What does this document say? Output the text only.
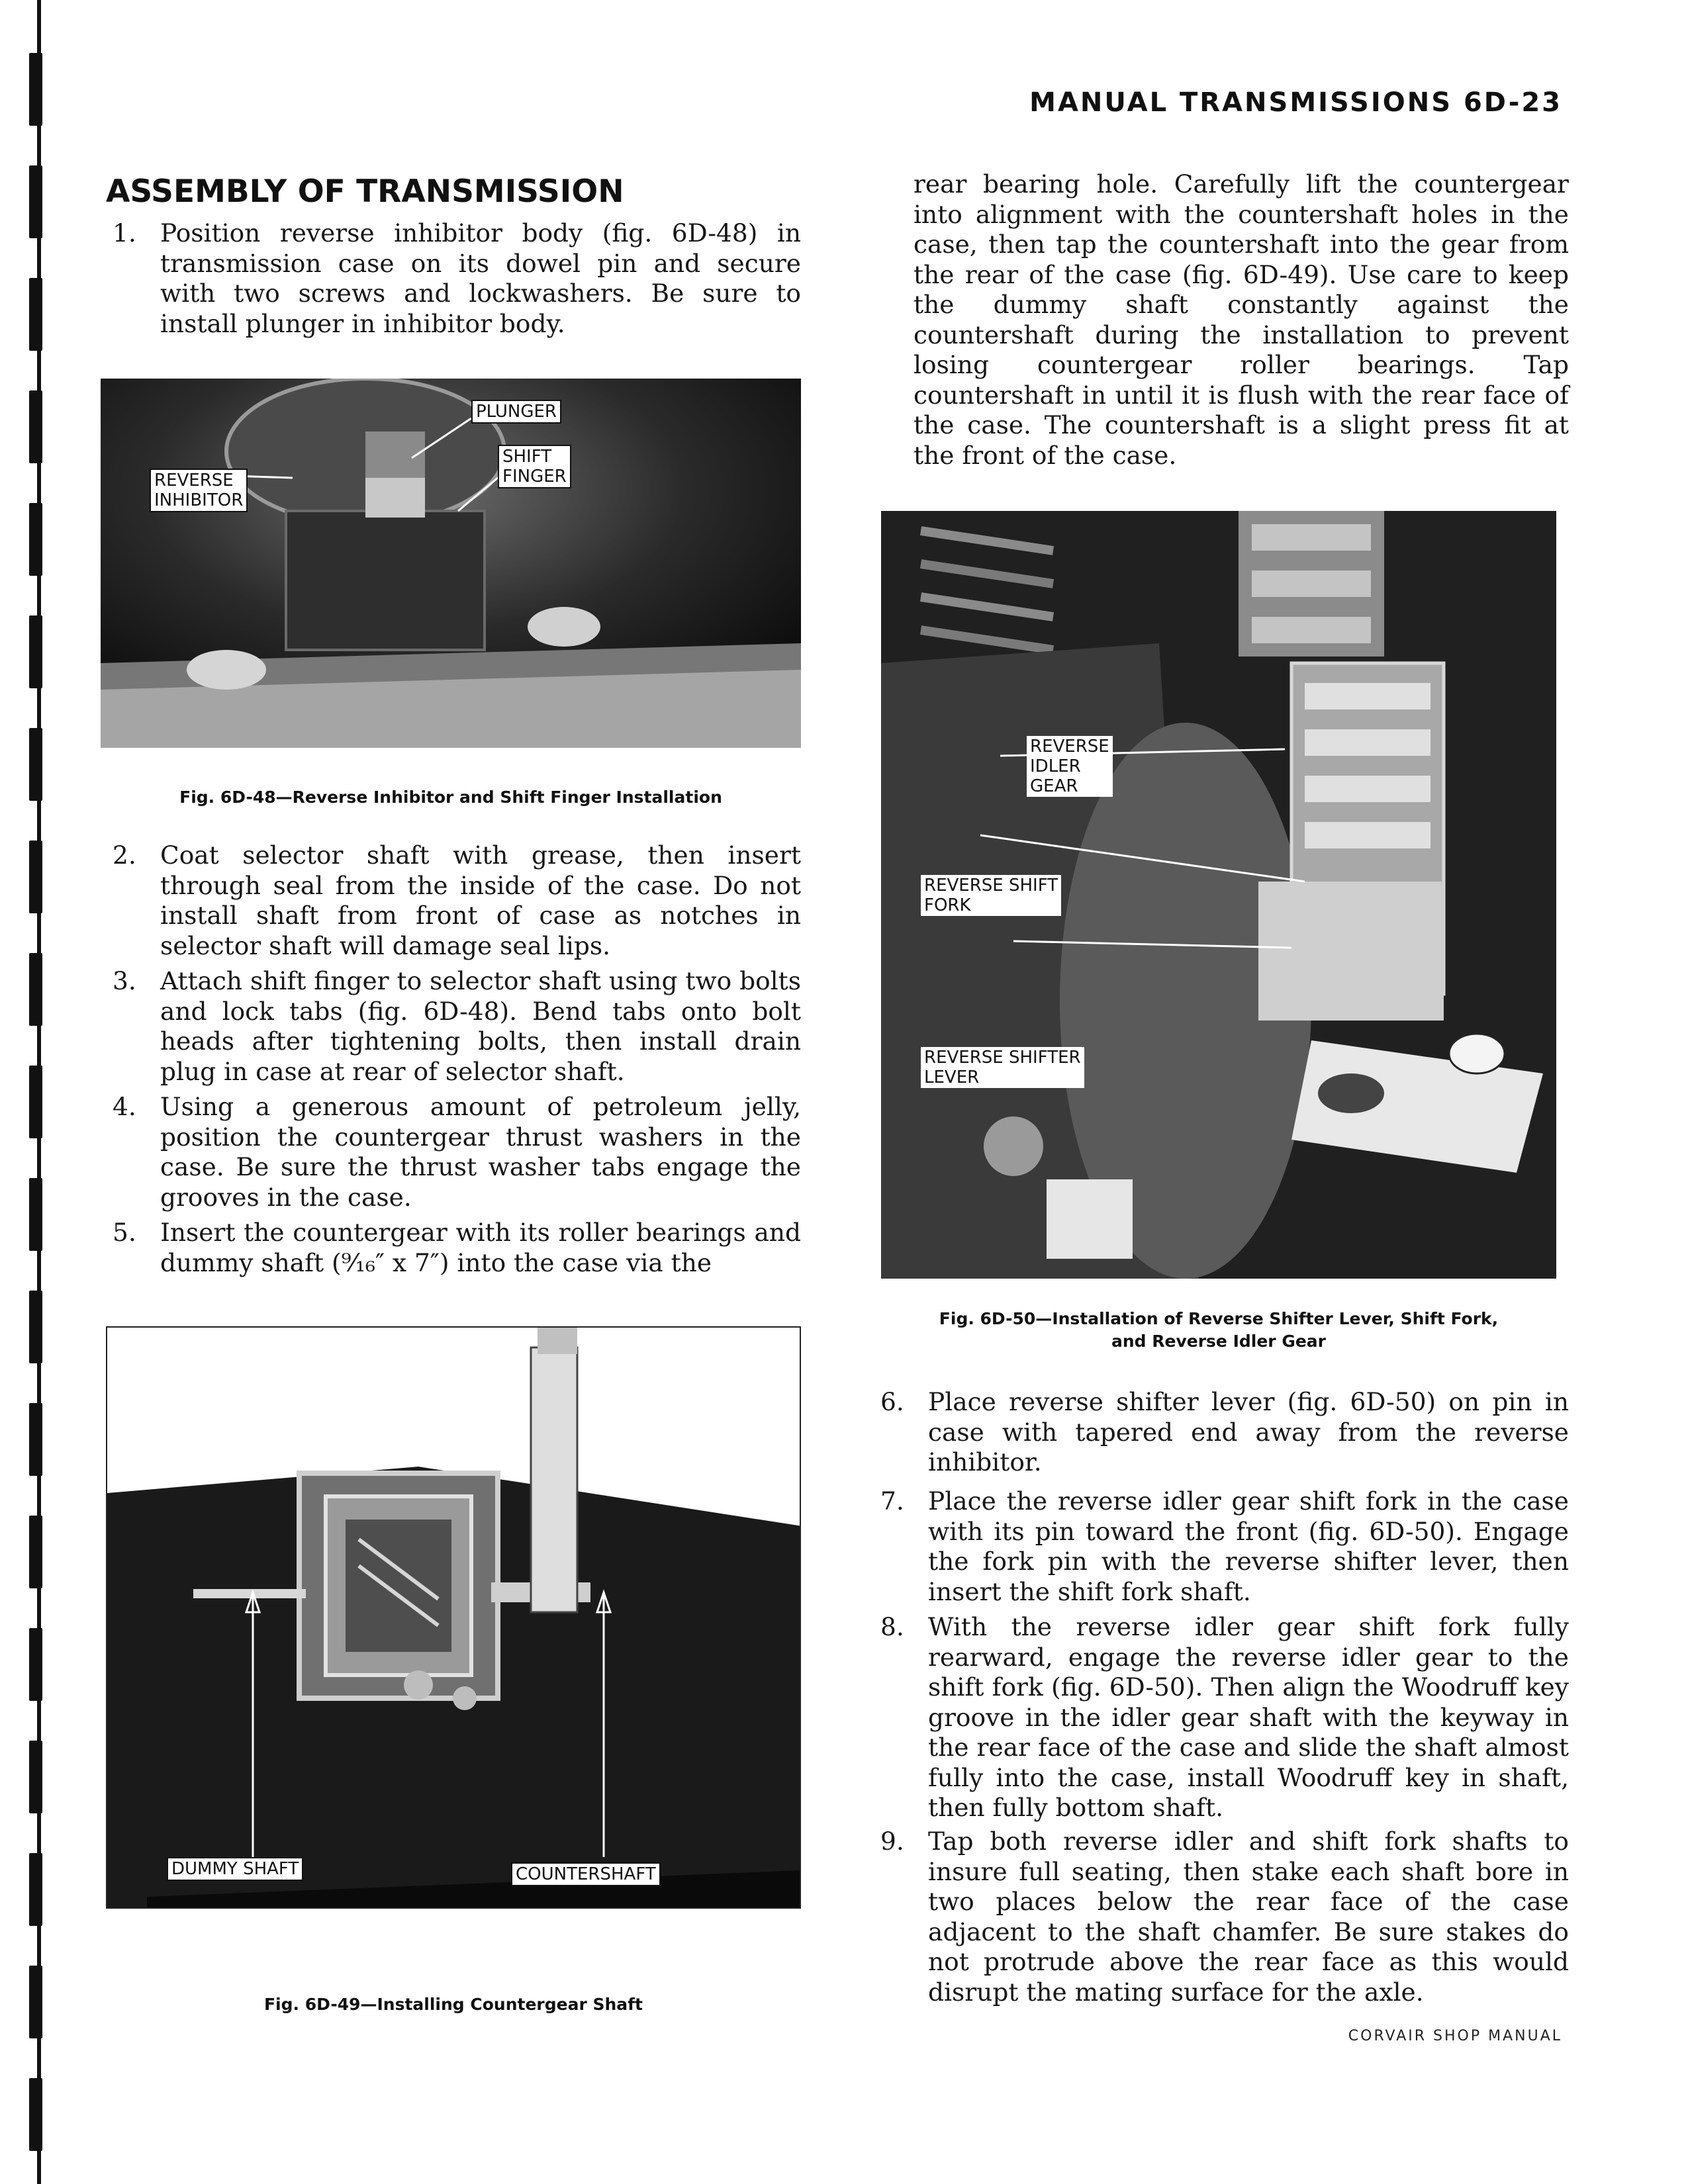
MANUAL TRANSMISSIONS 6D-23
ASSEMBLY OF TRANSMISSION
1. Position reverse inhibitor body (fig. 6D-48) in transmission case on its dowel pin and secure with two screws and lockwashers. Be sure to install plunger in inhibitor body.
PLUNGER
SHIFT
FINGER
REVERSE
INHIBITOR
Fig. 6D-48—Reverse Inhibitor and Shift Finger Installation
2. Coat selector shaft with grease, then insert through seal from the inside of the case. Do not install shaft from front of case as notches in selector shaft will damage seal lips.
3. Attach shift finger to selector shaft using two bolts and lock tabs (fig. 6D-48). Bend tabs onto bolt heads after tightening bolts, then install drain plug in case at rear of selector shaft.
4. Using a generous amount of petroleum jelly, position the countergear thrust washers in the case. Be sure the thrust washer tabs engage the grooves in the case.
5. Insert the countergear with its roller bearings and dummy shaft (⁹⁄₁₆″ x 7″) into the case via the
DUMMY SHAFT	COUNTERSHAFT
Fig. 6D-49—Installing Countergear Shaft
rear bearing hole. Carefully lift the countergear into alignment with the countershaft holes in the case, then tap the countershaft into the gear from the rear of the case (fig. 6D-49). Use care to keep the dummy shaft constantly against the countershaft during the installation to prevent losing countergear roller bearings. Tap countershaft in until it is flush with the rear face of the case. The countershaft is a slight press fit at the front of the case.
REVERSE
IDLER
GEAR
REVERSE SHIFT
FORK
REVERSE SHIFTER
LEVER
Fig. 6D-50—Installation of Reverse Shifter Lever, Shift Fork,
and Reverse Idler Gear
6. Place reverse shifter lever (fig. 6D-50) on pin in case with tapered end away from the reverse inhibitor.
7. Place the reverse idler gear shift fork in the case with its pin toward the front (fig. 6D-50). Engage the fork pin with the reverse shifter lever, then insert the shift fork shaft.
8. With the reverse idler gear shift fork fully rearward, engage the reverse idler gear to the shift fork (fig. 6D-50). Then align the Woodruff key groove in the idler gear shaft with the keyway in the rear face of the case and slide the shaft almost fully into the case, install Woodruff key in shaft, then fully bottom shaft.
9. Tap both reverse idler and shift fork shafts to insure full seating, then stake each shaft bore in two places below the rear face of the case adjacent to the shaft chamfer. Be sure stakes do not protrude above the rear face as this would disrupt the mating surface for the axle.
CORVAIR SHOP MANUAL
